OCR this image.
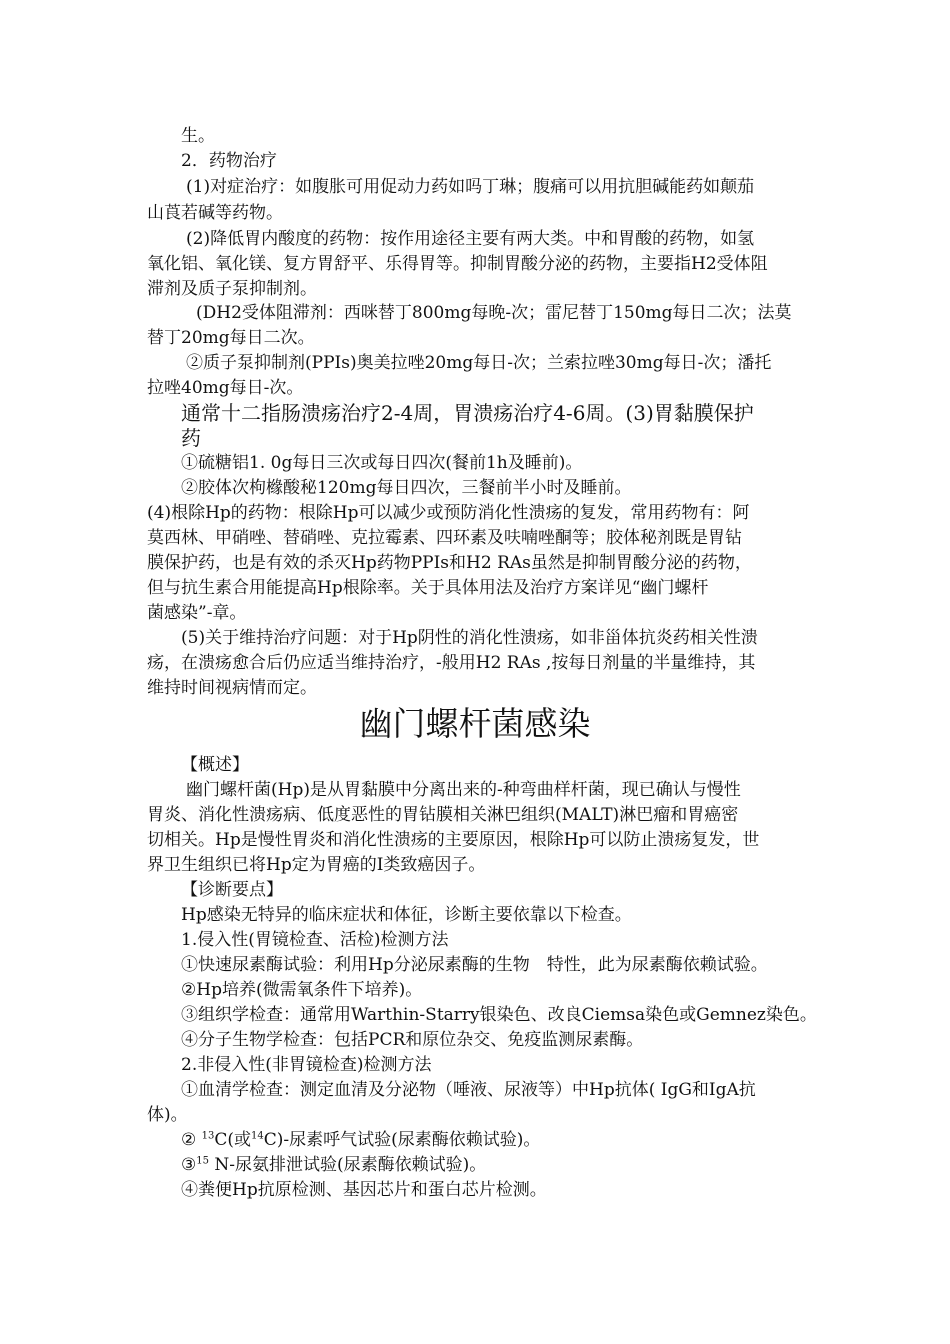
生。
2．药物治疗
(1)对症治疗：如腹胀可用促动力药如吗丁琳；腹痛可以用抗胆碱能药如颠茄
山莨若碱等药物。
(2)降低胃内酸度的药物：按作用途径主要有两大类。中和胃酸的药物，如氢
氧化铝、氧化镁、复方胃舒平、乐得胃等。抑制胃酸分泌的药物，主要指H2受体阻
滞剂及质子泵抑制剂。
(DH2受体阻滞剂：西咪替丁800mg每晚-次；雷尼替丁150mg每日二次；法莫
替丁20mg每日二次。
②质子泵抑制剂(PPIs)奥美拉唑20mg每日-次；兰索拉唑30mg每日-次；潘托
拉唑40mg每日-次。
通常十二指肠溃疡治疗2-4周，胃溃疡治疗4-6周。(3)胃黏膜保护
药
①硫糖铝1. 0g每日三次或每日四次(餐前1h及睡前)。
②胶体次枸橼酸秘120mg每日四次，三餐前半小时及睡前。
(4)根除Hp的药物：根除Hp可以减少或预防消化性溃疡的复发，常用药物有：阿
莫西林、甲硝唑、替硝唑、克拉霉素、四环素及呋喃唑酮等；胶体秘剂既是胃钻
膜保护药，也是有效的杀灭Hp药物PPIs和H2 RAs虽然是抑制胃酸分泌的药物，
但与抗生素合用能提高Hp根除率。关于具体用法及治疗方案详见“幽门螺杆
菌感染”-章。
(5)关于维持治疗问题：对于Hp阴性的消化性溃疡，如非甾体抗炎药相关性溃
疡，在溃疡愈合后仍应适当维持治疗，-般用H2 RAs ,按每日剂量的半量维持，其
维持时间视病情而定。
幽门螺杆菌感染
【概述】
幽门螺杆菌(Hp)是从胃黏膜中分离出来的-种弯曲样杆菌，现已确认与慢性
胃炎、消化性溃疡病、低度恶性的胃钻膜相关淋巴组织(MALT)淋巴瘤和胃癌密
切相关。Hp是慢性胃炎和消化性溃疡的主要原因，根除Hp可以防止溃疡复发，世
界卫生组织已将Hp定为胃癌的Ⅰ类致癌因子。
【诊断要点】
Hp感染无特异的临床症状和体征，诊断主要依靠以下检查。
1.侵入性(胃镜检查、活检)检测方法
①快速尿素酶试验：利用Hp分泌尿素酶的生物　特性，此为尿素酶依赖试验。
②Hp培养(微需氧条件下培养)。
③组织学检查：通常用Warthin-Starry银染色、改良Ciemsa染色或Gemnez染色。
④分子生物学检查：包括PCR和原位杂交、免疫监测尿素酶。
2.非侵入性(非胃镜检查)检测方法
①血清学检查：测定血清及分泌物（唾液、尿液等）中Hp抗体( IgG和IgA抗
体)。
② $^{13}$C(或$^{14}$C)-尿素呼气试验(尿素酶依赖试验)。
③$^{15}$ N-尿氨排泄试验(尿素酶依赖试验)。
④粪便Hp抗原检测、基因芯片和蛋白芯片检测。
